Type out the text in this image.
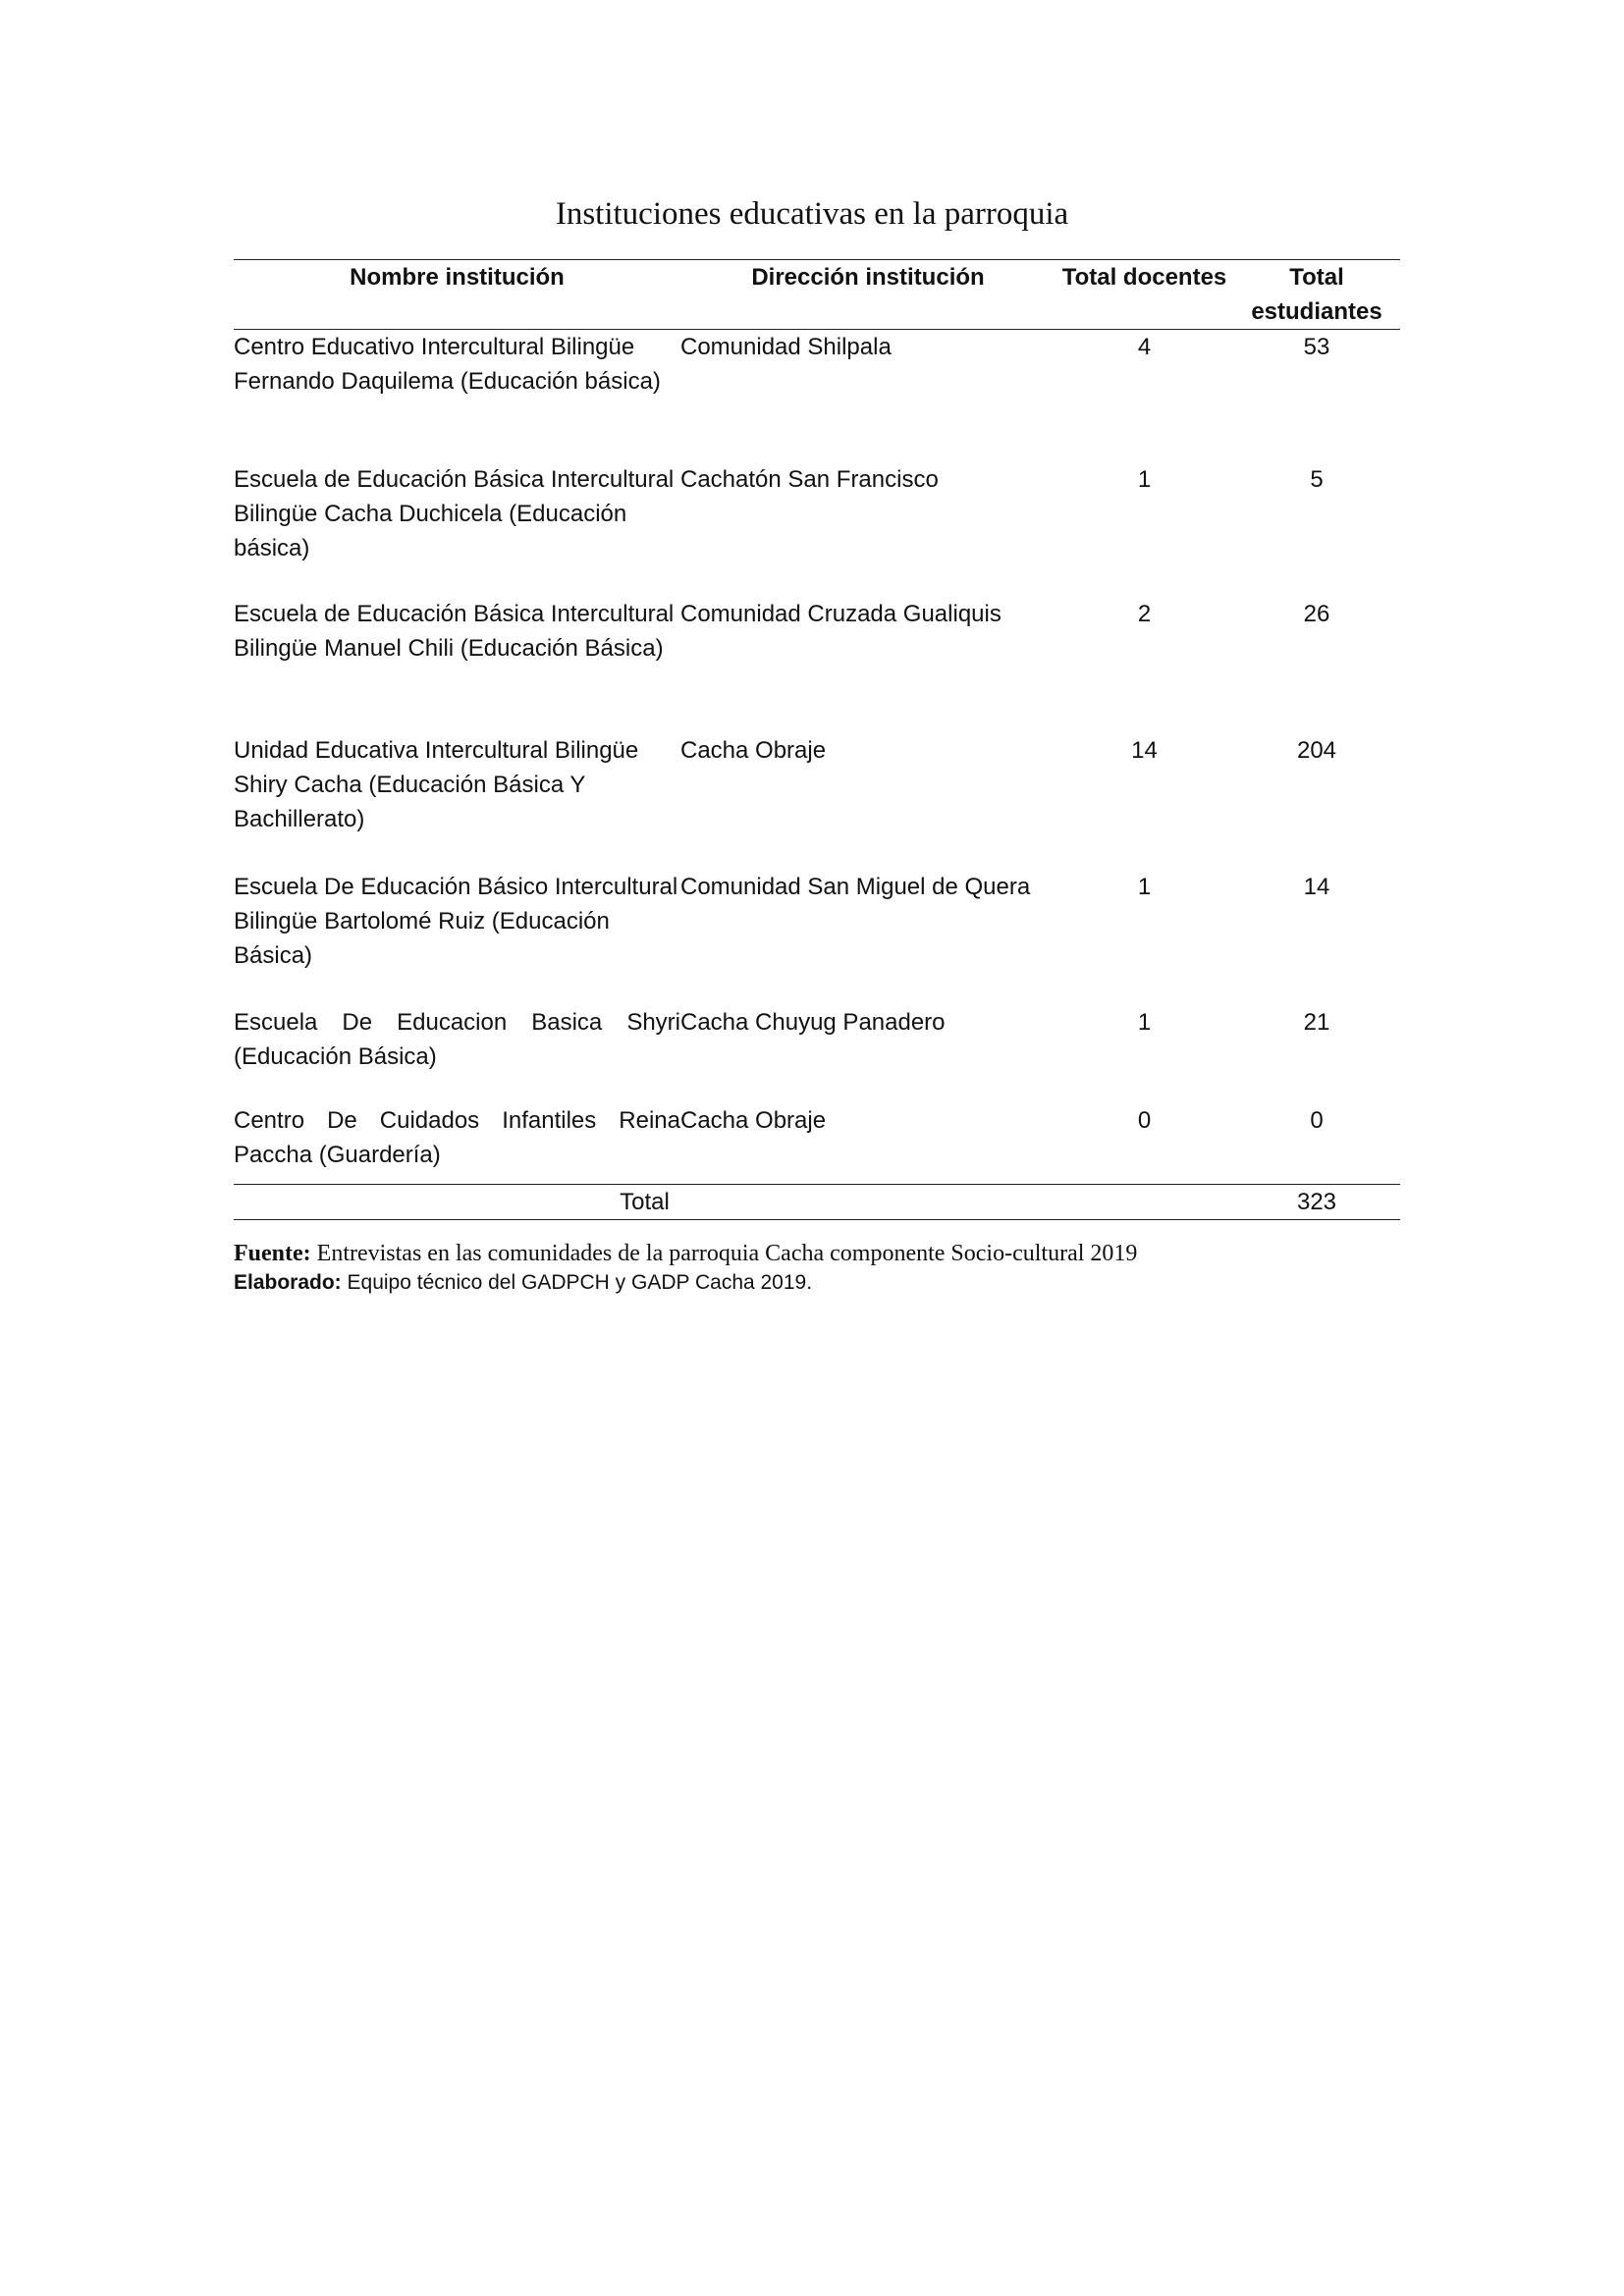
Instituciones educativas en la parroquia
Nombre institución	Dirección institución	Total docentes	Total estudiantes
Centro Educativo Intercultural Bilingüe Fernando Daquilema (Educación básica)	Comunidad Shilpala	4	53
Escuela de Educación Básica Intercultural Bilingüe Cacha Duchicela (Educación básica)	Cachatón San Francisco	1	5
Escuela de Educación Básica Intercultural Bilingüe Manuel Chili (Educación Básica)	Comunidad Cruzada Gualiquis	2	26
Unidad Educativa Intercultural Bilingüe Shiry Cacha (Educación Básica Y Bachillerato)	Cacha Obraje	14	204
Escuela De Educación Básico Intercultural Bilingüe Bartolomé Ruiz (Educación Básica)	Comunidad San Miguel de Quera	1	14
Escuela De Educacion Basica Shyri (Educación Básica)	Cacha Chuyug Panadero	1	21
Centro De Cuidados Infantiles Reina Paccha (Guardería)	Cacha Obraje	0	0
Total			323
Fuente: Entrevistas en las comunidades de la parroquia Cacha componente Socio-cultural 2019
Elaborado: Equipo técnico del GADPCH y GADP Cacha 2019.
